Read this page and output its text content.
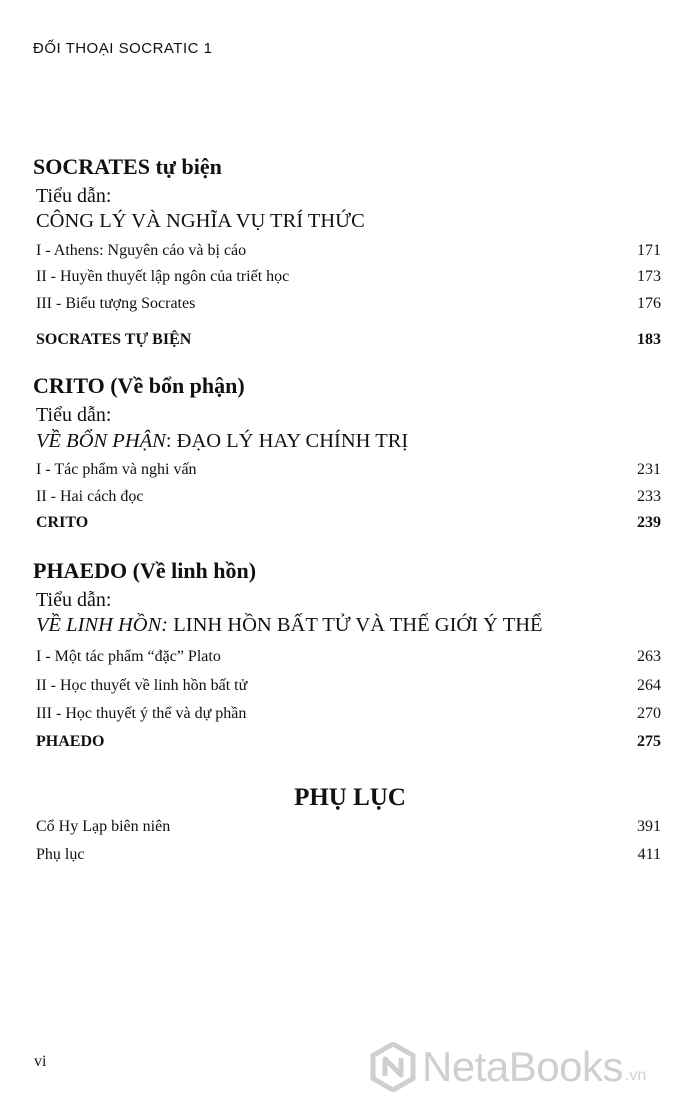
ĐỐI THOẠI SOCRATIC 1
SOCRATES tự biện
Tiểu dẫn:
CÔNG LÝ VÀ NGHĨA VỤ TRÍ THỨC
I - Athens: Nguyên cáo và bị cáo	171
II - Huyền thuyết lập ngôn của triết học	173
III - Biểu tượng Socrates	176
SOCRATES TỰ BIỆN	183
CRITO (Về bổn phận)
Tiểu dẫn:
VỀ BỔN PHẬN: ĐẠO LÝ HAY CHÍNH TRỊ
I - Tác phẩm và nghi vấn	231
II - Hai cách đọc	233
CRITO	239
PHAEDO (Về linh hồn)
Tiểu dẫn:
VỀ LINH HỒN: LINH HỒN BẤT TỬ VÀ THẾ GIỚI Ý THỂ
I - Một tác phẩm “đặc” Plato	263
II - Học thuyết về linh hồn bất tử	264
III - Học thuyết ý thể và dự phần	270
PHAEDO	275
PHỤ LỤC
Cổ Hy Lạp biên niên	391
Phụ lục	411
vi	NetaBooks .vn
